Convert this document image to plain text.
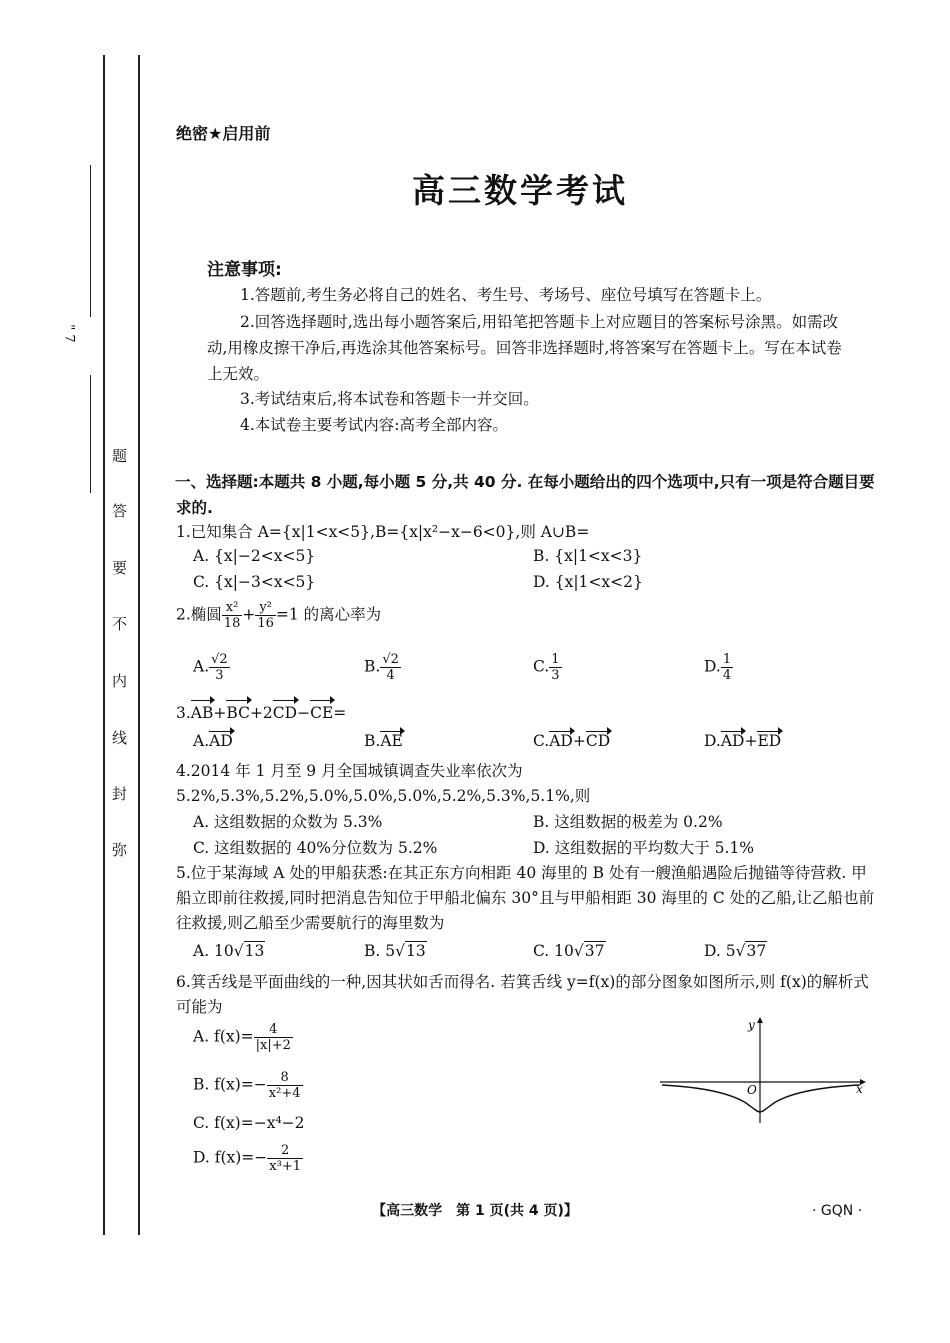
" 7
题
答
要
不
内
线
封
弥
绝密★启用前
高三数学考试
注意事项:
1.答题前,考生务必将自己的姓名、考生号、考场号、座位号填写在答题卡上。
2.回答选择题时,选出每小题答案后,用铅笔把答题卡上对应题目的答案标号涂黑。如需改动,用橡皮擦干净后,再选涂其他答案标号。回答非选择题时,将答案写在答题卡上。写在本试卷上无效。
3.考试结束后,将本试卷和答题卡一并交回。
4.本试卷主要考试内容:高考全部内容。
一、选择题:本题共 8 小题,每小题 5 分,共 40 分. 在每小题给出的四个选项中,只有一项是符合题目要求的.
1.已知集合 A={x|1<x<5},B={x|x²−x−6<0},则 A∪B=
A. {x|−2<x<5}	B. {x|1<x<3}
C. {x|−3<x<5}	D. {x|1<x<2}
2.椭圆 $\frac{\text{x²}}{18} + \frac{\text{y²}}{16} =1$ 的离心率为
A. $\frac{√2}{3}$	B. $\frac{√2}{4}$	C. $\frac{1}{3}$	D. $\frac{1}{4}$
3.AB+BC+2CD−CE=
A.AD	B.AE	C.AD+CD	D.AD+ED
4.2014 年 1 月至 9 月全国城镇调查失业率依次为 5.2%,5.3%,5.2%,5.0%,5.0%,5.0%,5.2%,5.3%,5.1%,则
A. 这组数据的众数为 5.3%	B. 这组数据的极差为 0.2%
C. 这组数据的 40%分位数为 5.2%	D. 这组数据的平均数大于 5.1%
5.位于某海域 A 处的甲船获悉:在其正东方向相距 40 海里的 B 处有一艘渔船遇险后抛锚等待营救. 甲船立即前往救援,同时把消息告知位于甲船北偏东 30°且与甲船相距 30 海里的 C 处的乙船,让乙船也前往救援,则乙船至少需要航行的海里数为
A. 10√13	B. 5√13	C. 10√37	D. 5√37
6.箕舌线是平面曲线的一种,因其状如舌而得名. 若箕舌线 y=f(x)的部分图象如图所示,则 f(x)的解析式可能为
A. $f(x)= \frac{4}{|x|+2}$
B. $f(x)=- \frac{8}{\text{x²+4}}$
C. f(x)=−x⁴−2
D. $f(x)=- \frac{2}{\text{x³+1}}$
y
x
O
【高三数学　第 1 页(共 4 页)】	· GQN ·
